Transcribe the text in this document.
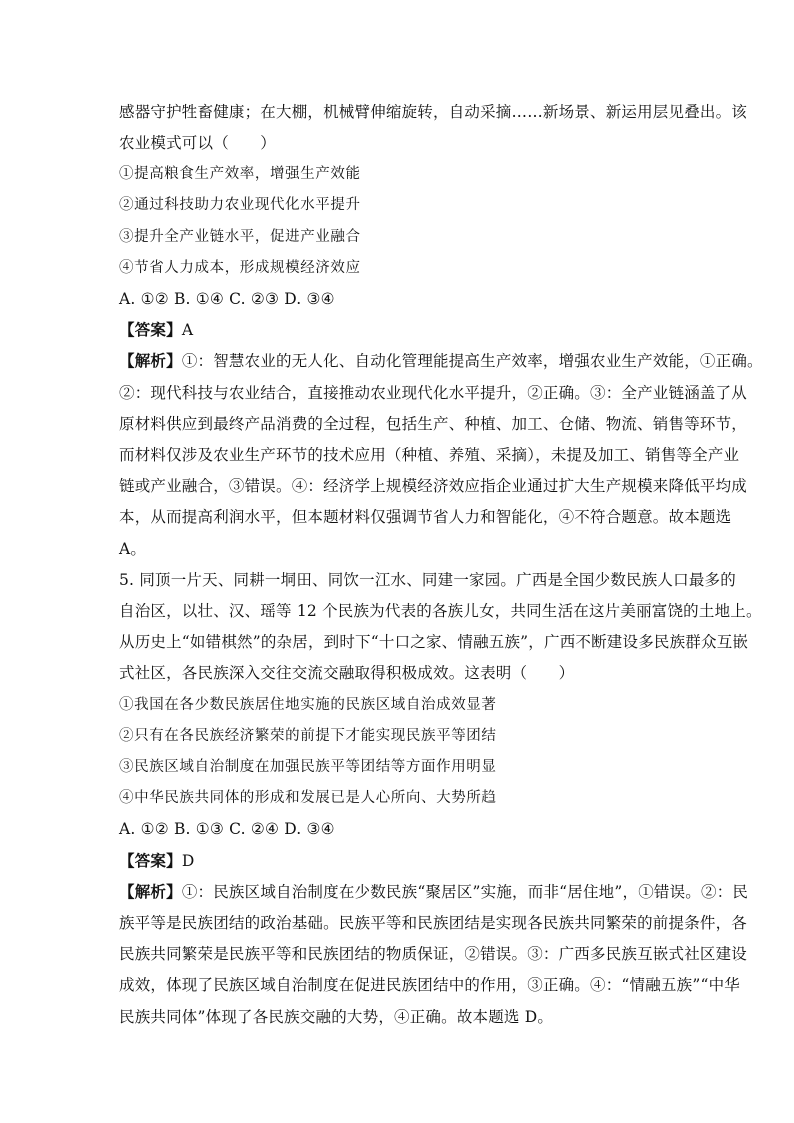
感器守护牲畜健康；在大棚，机械臂伸缩旋转，自动采摘……新场景、新运用层见叠出。该
农业模式可以（　　）
①提高粮食生产效率，增强生产效能
②通过科技助力农业现代化水平提升
③提升全产业链水平，促进产业融合
④节省人力成本，形成规模经济效应
A. ①② B. ①④ C. ②③ D. ③④
【答案】A
【解析】①：智慧农业的无人化、自动化管理能提高生产效率，增强农业生产效能，①正确。
②：现代科技与农业结合，直接推动农业现代化水平提升，②正确。③：全产业链涵盖了从
原材料供应到最终产品消费的全过程，包括生产、种植、加工、仓储、物流、销售等环节，
而材料仅涉及农业生产环节的技术应用（种植、养殖、采摘），未提及加工、销售等全产业
链或产业融合，③错误。④：经济学上规模经济效应指企业通过扩大生产规模来降低平均成
本，从而提高利润水平，但本题材料仅强调节省人力和智能化，④不符合题意。故本题选
A。
5. 同顶一片天、同耕一垌田、同饮一江水、同建一家园。广西是全国少数民族人口最多的
自治区，以壮、汉、瑶等 12 个民族为代表的各族儿女，共同生活在这片美丽富饶的土地上。
从历史上“如错棋然”的杂居，到时下“十口之家、情融五族”，广西不断建设多民族群众互嵌
式社区，各民族深入交往交流交融取得积极成效。这表明（　　）
①我国在各少数民族居住地实施的民族区域自治成效显著
②只有在各民族经济繁荣的前提下才能实现民族平等团结
③民族区域自治制度在加强民族平等团结等方面作用明显
④中华民族共同体的形成和发展已是人心所向、大势所趋
A. ①② B. ①③ C. ②④ D. ③④
【答案】D
【解析】①：民族区域自治制度在少数民族“聚居区”实施，而非“居住地”，①错误。②：民
族平等是民族团结的政治基础。民族平等和民族团结是实现各民族共同繁荣的前提条件，各
民族共同繁荣是民族平等和民族团结的物质保证，②错误。③：广西多民族互嵌式社区建设
成效，体现了民族区域自治制度在促进民族团结中的作用，③正确。④：“情融五族”“中华
民族共同体”体现了各民族交融的大势，④正确。故本题选 D。
